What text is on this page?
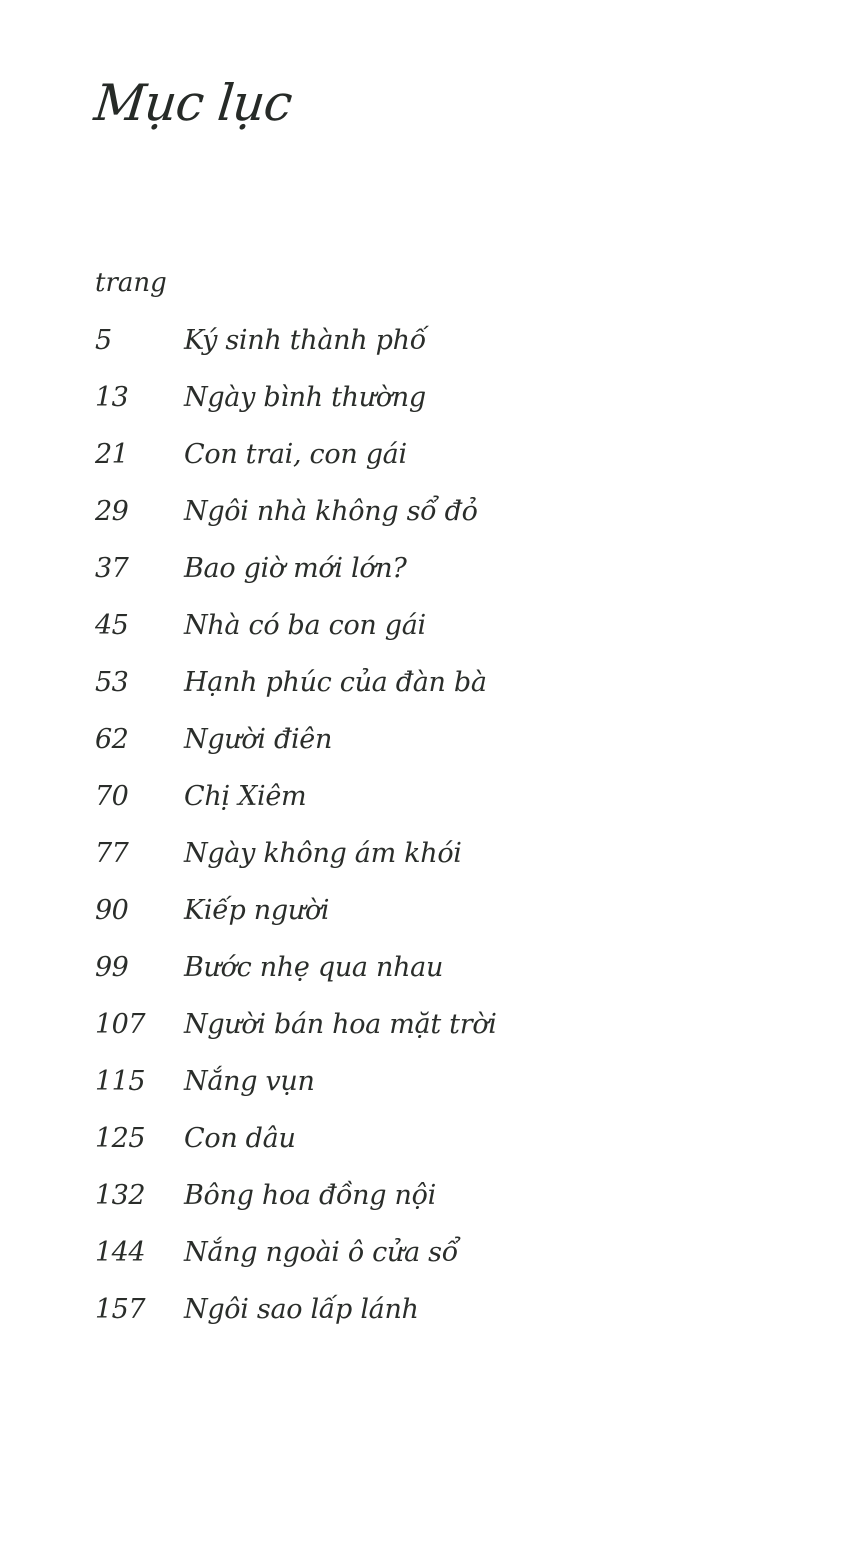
Mục lục
trang
5	Ký sinh thành phố
13	Ngày bình thường
21	Con trai, con gái
29	Ngôi nhà không sổ đỏ
37	Bao giờ mới lớn?
45	Nhà có ba con gái
53	Hạnh phúc của đàn bà
62	Người điên
70	Chị Xiêm
77	Ngày không ám khói
90	Kiếp người
99	Bước nhẹ qua nhau
107	Người bán hoa mặt trời
115	Nắng vụn
125	Con dâu
132	Bông hoa đồng nội
144	Nắng ngoài ô cửa sổ
157	Ngôi sao lấp lánh
